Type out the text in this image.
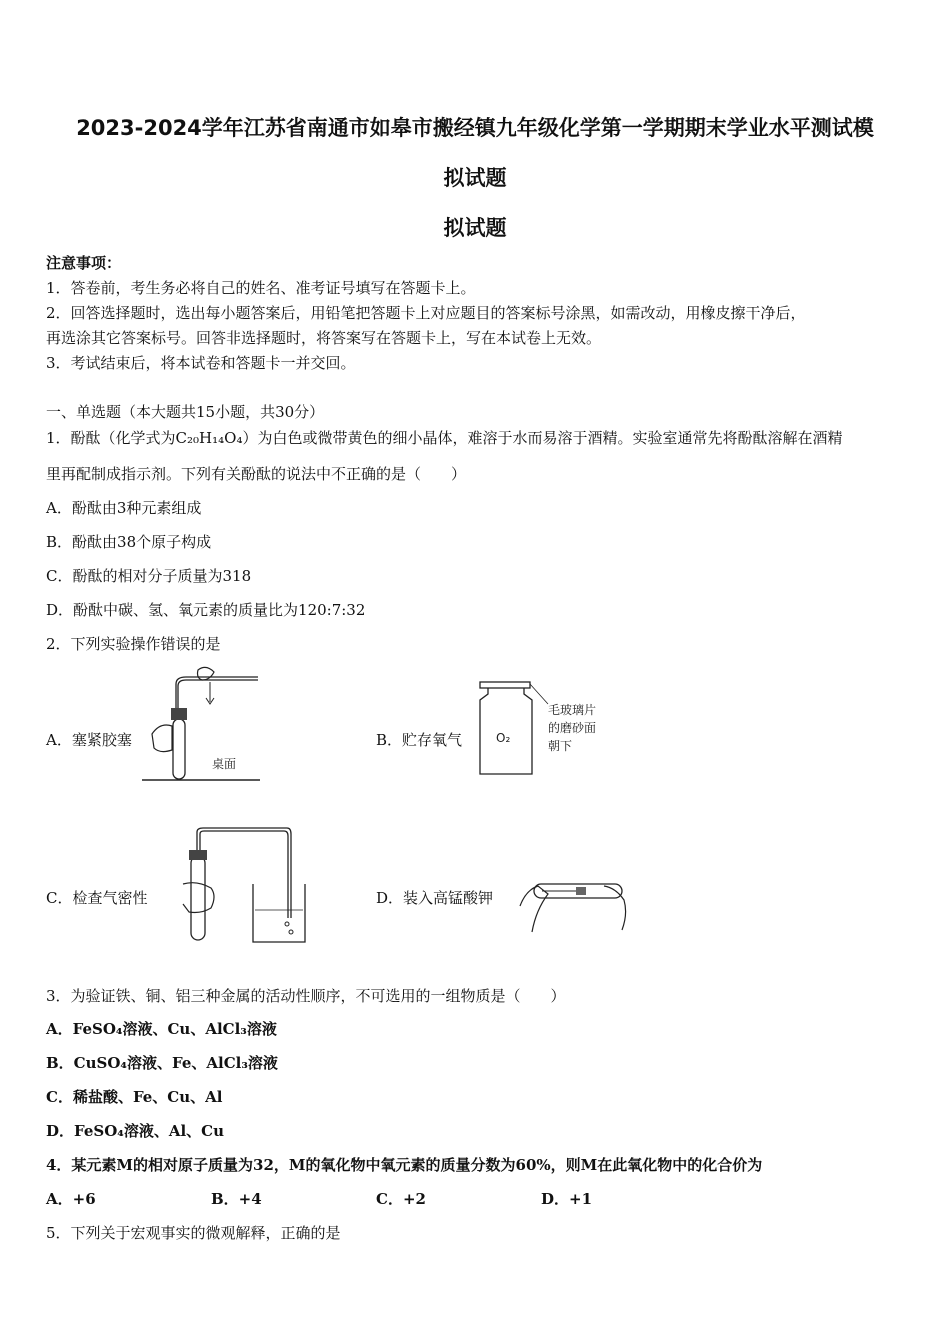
2023-2024学年江苏省南通市如皋市搬经镇九年级化学第一学期期末学业水平测试模
拟试题
拟试题
注意事项：
1．答卷前，考生务必将自己的姓名、准考证号填写在答题卡上。
2．回答选择题时，选出每小题答案后，用铅笔把答题卡上对应题目的答案标号涂黑，如需改动，用橡皮擦干净后，
再选涂其它答案标号。回答非选择题时，将答案写在答题卡上，写在本试卷上无效。
3．考试结束后，将本试卷和答题卡一并交回。
一、单选题（本大题共15小题，共30分）
1．酚酞（化学式为C₂₀H₁₄O₄）为白色或微带黄色的细小晶体，难溶于水而易溶于酒精。实验室通常先将酚酞溶解在酒精
里再配制成指示剂。下列有关酚酞的说法中不正确的是（　　）
A．酚酞由3种元素组成
B．酚酞由38个原子构成
C．酚酞的相对分子质量为318
D．酚酞中碳、氢、氧元素的质量比为120:7:32
2．下列实验操作错误的是
A．塞紧胶塞	B．贮存氧气
C．检查气密性	D．装入高锰酸钾
桌面
O₂
毛玻璃片
的磨砂面
朝下
3．为验证铁、铜、铝三种金属的活动性顺序，不可选用的一组物质是（　　）
A．FeSO₄溶液、Cu、AlCl₃溶液
B．CuSO₄溶液、Fe、AlCl₃溶液
C．稀盐酸、Fe、Cu、Al
D．FeSO₄溶液、Al、Cu
4．某元素M的相对原子质量为32，M的氧化物中氧元素的质量分数为60%，则M在此氧化物中的化合价为
A．+6	B．+4	C．+2	D．+1
5．下列关于宏观事实的微观解释，正确的是
